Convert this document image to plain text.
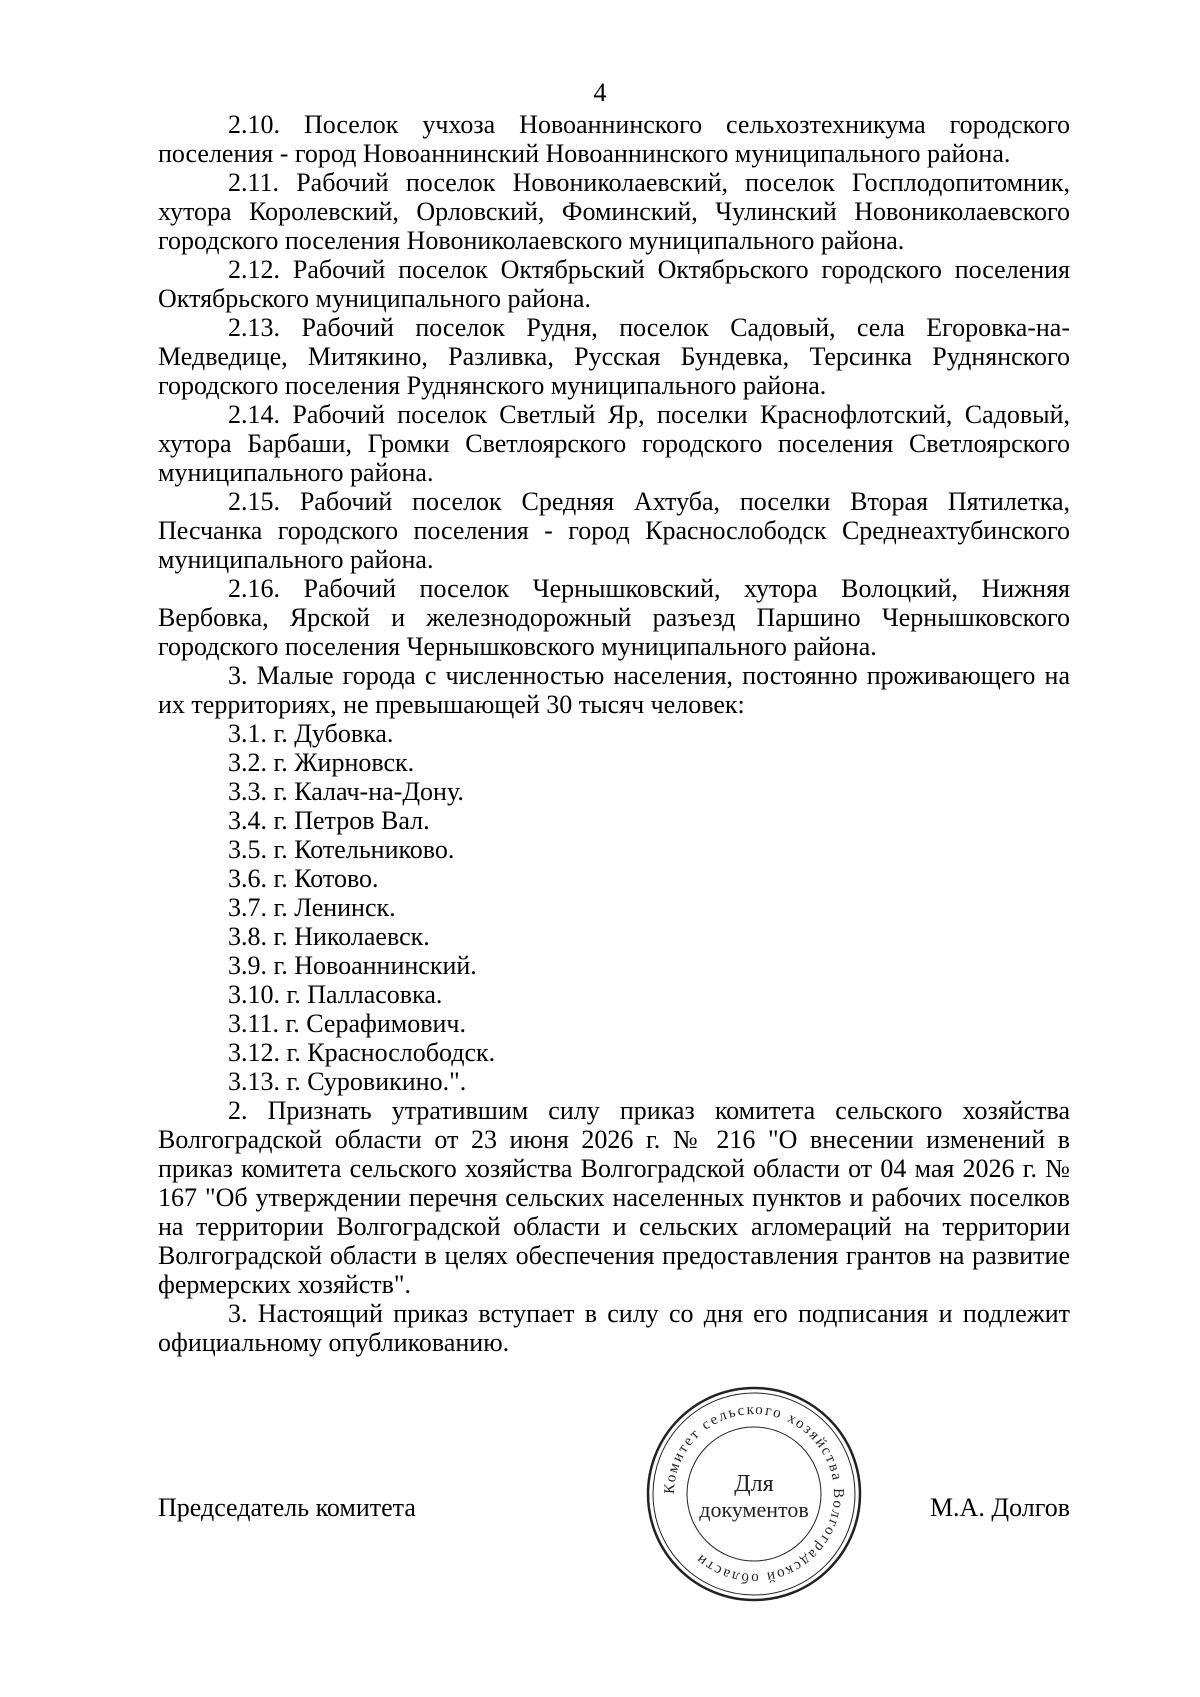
4

2.10. Поселок учхоза Новоаннинского сельхозтехникума городского поселения - город Новоаннинский Новоаннинского муниципального района.

2.11. Рабочий поселок Новониколаевский, поселок Госплодопитомник, хутора Королевский, Орловский, Фоминский, Чулинский Новониколаевского городского поселения Новониколаевского муниципального района.

2.12. Рабочий поселок Октябрьский Октябрьского городского поселения Октябрьского муниципального района.

2.13. Рабочий поселок Рудня, поселок Садовый, села Егоровка-на-Медведице, Митякино, Разливка, Русская Бундевка, Терсинка Руднянского городского поселения Руднянского муниципального района.

2.14. Рабочий поселок Светлый Яр, поселки Краснофлотский, Садовый, хутора Барбаши, Громки Светлоярского городского поселения Светлоярского муниципального района.

2.15. Рабочий поселок Средняя Ахтуба, поселки Вторая Пятилетка, Песчанка городского поселения - город Краснослободск Среднеахтубинского муниципального района.

2.16. Рабочий поселок Чернышковский, хутора Волоцкий, Нижняя Вербовка, Ярской и железнодорожный разъезд Паршино Чернышковского городского поселения Чернышковского муниципального района.

3. Малые города с численностью населения, постоянно проживающего на их территориях, не превышающей 30 тысяч человек:

3.1. г. Дубовка.
3.2. г. Жирновск.
3.3. г. Калач-на-Дону.
3.4. г. Петров Вал.
3.5. г. Котельниково.
3.6. г. Котово.
3.7. г. Ленинск.
3.8. г. Николаевск.
3.9. г. Новоаннинский.
3.10. г. Палласовка.
3.11. г. Серафимович.
3.12. г. Краснослободск.
3.13. г. Суровикино.".

2. Признать утратившим силу приказ комитета сельского хозяйства Волгоградской области от 23 июня 2026 г. № 216 "О внесении изменений в приказ комитета сельского хозяйства Волгоградской области от 04 мая 2026 г. № 167 "Об утверждении перечня сельских населенных пунктов и рабочих поселков на территории Волгоградской области и сельских агломераций на территории Волгоградской области в целях обеспечения предоставления грантов на развитие фермерских хозяйств".

3. Настоящий приказ вступает в силу со дня его подписания и подлежит официальному опубликованию.

Председатель комитета	М.А. Долгов
Комитет сельского хозяйства Волгоградской области
Для
документов
